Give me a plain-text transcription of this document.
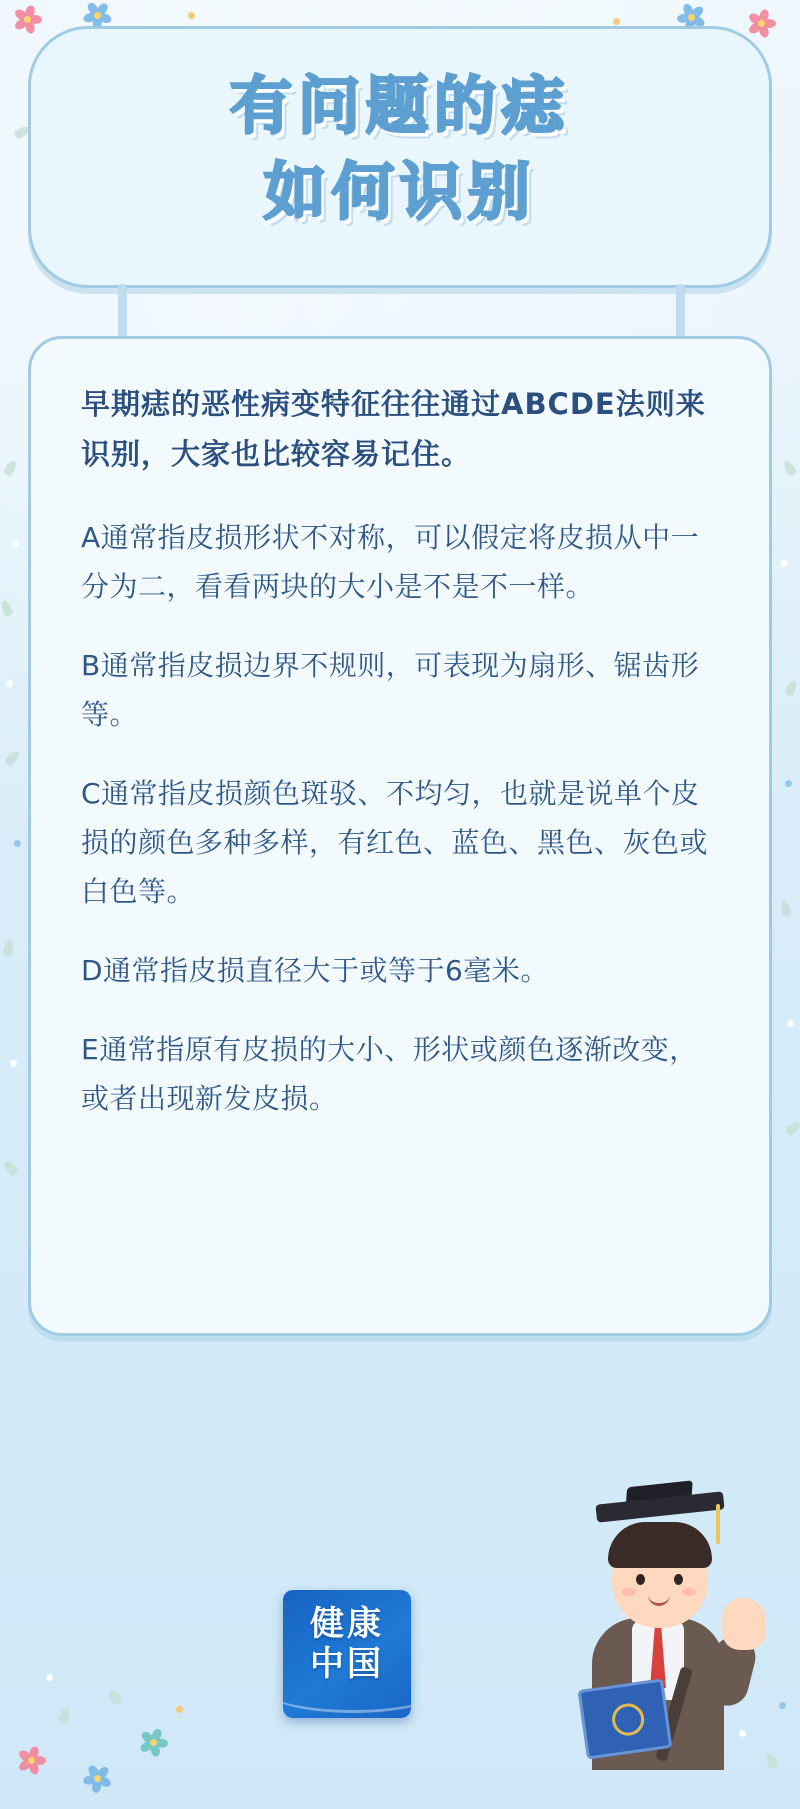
有问题的痣
如何识别

早期痣的恶性病变特征往往通过ABCDE法则来识别，大家也比较容易记住。

A通常指皮损形状不对称，可以假定将皮损从中一分为二，看看两块的大小是不是不一样。

B通常指皮损边界不规则，可表现为扇形、锯齿形等。

C通常指皮损颜色斑驳、不均匀，也就是说单个皮损的颜色多种多样，有红色、蓝色、黑色、灰色或白色等。

D通常指皮损直径大于或等于6毫米。

E通常指原有皮损的大小、形状或颜色逐渐改变，或者出现新发皮损。

健康
中国
